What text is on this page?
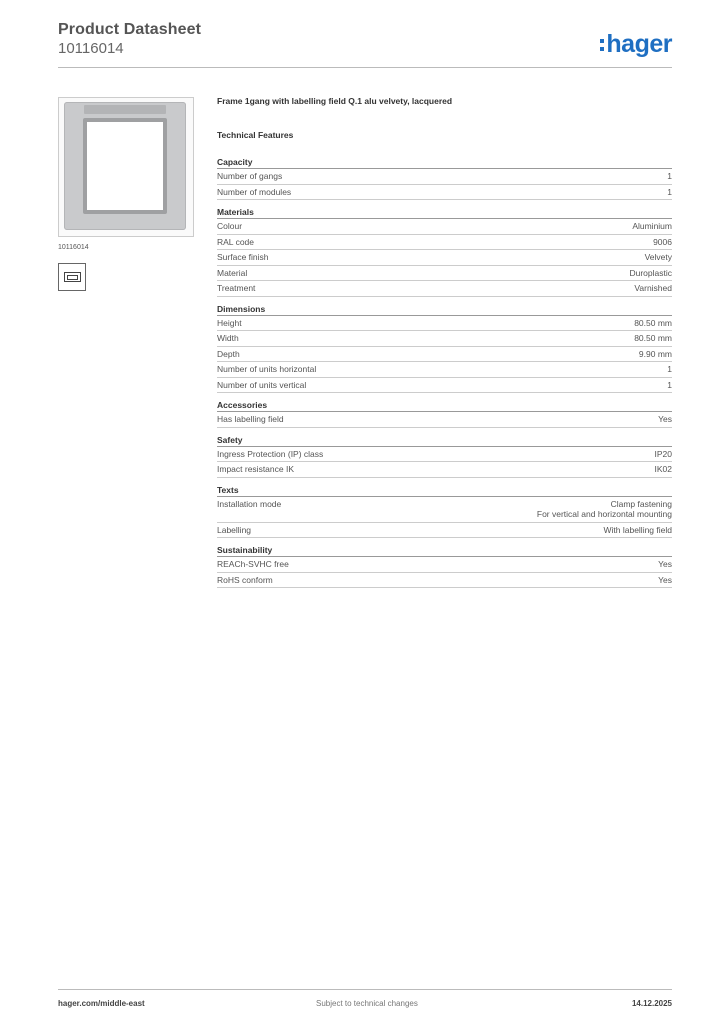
Product Datasheet
10116014	hager
10116014
Frame 1gang with labelling field Q.1 alu velvety, lacquered
Technical Features
Capacity
Number of gangs	1
Number of modules	1
Materials
Colour	Aluminium
RAL code	9006
Surface finish	Velvety
Material	Duroplastic
Treatment	Varnished
Dimensions
Height	80.50 mm
Width	80.50 mm
Depth	9.90 mm
Number of units horizontal	1
Number of units vertical	1
Accessories
Has labelling field	Yes
Safety
Ingress Protection (IP) class	IP20
Impact resistance IK	IK02
Texts
Installation mode	Clamp fastening
For vertical and horizontal mounting
Labelling	With labelling field
Sustainability
REACh-SVHC free	Yes
RoHS conform	Yes
hager.com/middle-east	Subject to technical changes	14.12.2025
